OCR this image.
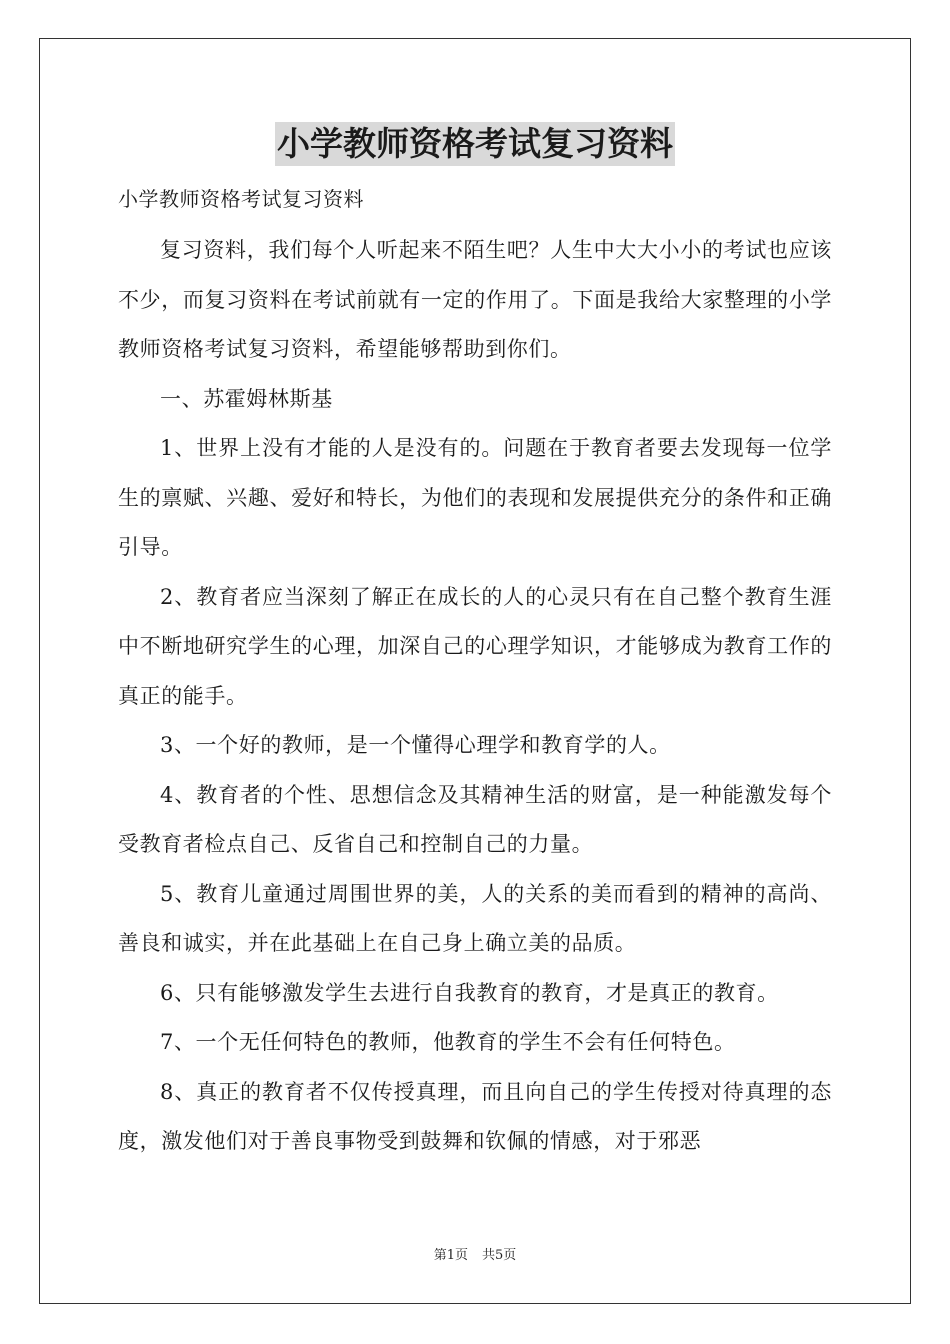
小学教师资格考试复习资料
小学教师资格考试复习资料

复习资料，我们每个人听起来不陌生吧？人生中大大小小的考试也应该不少，而复习资料在考试前就有一定的作用了。下面是我给大家整理的小学教师资格考试复习资料，希望能够帮助到你们。

一、苏霍姆林斯基

1、世界上没有才能的人是没有的。问题在于教育者要去发现每一位学生的禀赋、兴趣、爱好和特长，为他们的表现和发展提供充分的条件和正确引导。

2、教育者应当深刻了解正在成长的人的心灵只有在自己整个教育生涯中不断地研究学生的心理，加深自己的心理学知识，才能够成为教育工作的真正的能手。

3、一个好的教师，是一个懂得心理学和教育学的人。

4、教育者的个性、思想信念及其精神生活的财富，是一种能激发每个受教育者检点自己、反省自己和控制自己的力量。

5、教育儿童通过周围世界的美，人的关系的美而看到的精神的高尚、善良和诚实，并在此基础上在自己身上确立美的品质。

6、只有能够激发学生去进行自我教育的教育，才是真正的教育。

7、一个无任何特色的教师，他教育的学生不会有任何特色。

8、真正的教育者不仅传授真理，而且向自己的学生传授对待真理的态度，激发他们对于善良事物受到鼓舞和钦佩的情感，对于邪恶

第1页 共5页
